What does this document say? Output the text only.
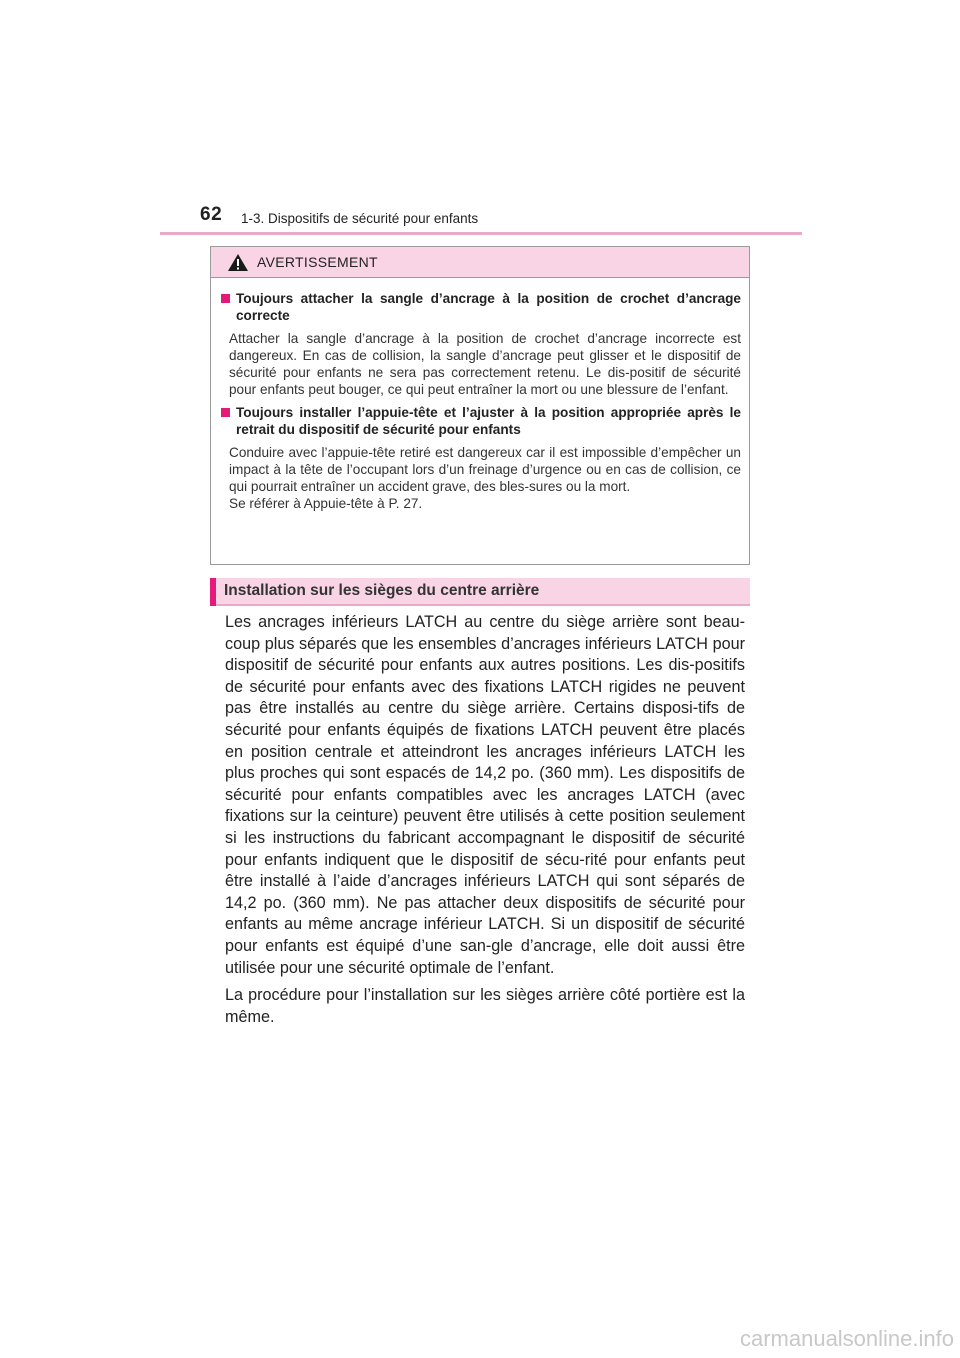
62 1-3. Dispositifs de sécurité pour enfants
AVERTISSEMENT
Toujours attacher la sangle d’ancrage à la position de crochet d’ancrage correcte
Attacher la sangle d’ancrage à la position de crochet d’ancrage incorrecte est dangereux. En cas de collision, la sangle d’ancrage peut glisser et le dispositif de sécurité pour enfants ne sera pas correctement retenu. Le dis-positif de sécurité pour enfants peut bouger, ce qui peut entraîner la mort ou une blessure de l’enfant.
Toujours installer l’appuie-tête et l’ajuster à la position appropriée après le retrait du dispositif de sécurité pour enfants
Conduire avec l’appuie-tête retiré est dangereux car il est impossible d’empêcher un impact à la tête de l’occupant lors d’un freinage d’urgence ou en cas de collision, ce qui pourrait entraîner un accident grave, des bles-sures ou la mort.
Se référer à Appuie-tête à P. 27.
Installation sur les sièges du centre arrière

Les ancrages inférieurs LATCH au centre du siège arrière sont beau-coup plus séparés que les ensembles d’ancrages inférieurs LATCH pour dispositif de sécurité pour enfants aux autres positions. Les dis-positifs de sécurité pour enfants avec des fixations LATCH rigides ne peuvent pas être installés au centre du siège arrière. Certains disposi-tifs de sécurité pour enfants équipés de fixations LATCH peuvent être placés en position centrale et atteindront les ancrages inférieurs LATCH les plus proches qui sont espacés de 14,2 po. (360 mm). Les dispositifs de sécurité pour enfants compatibles avec les ancrages LATCH (avec fixations sur la ceinture) peuvent être utilisés à cette position seulement si les instructions du fabricant accompagnant le dispositif de sécurité pour enfants indiquent que le dispositif de sécu-rité pour enfants peut être installé à l’aide d’ancrages inférieurs LATCH qui sont séparés de 14,2 po. (360 mm). Ne pas attacher deux dispositifs de sécurité pour enfants au même ancrage inférieur LATCH. Si un dispositif de sécurité pour enfants est équipé d’une san-gle d’ancrage, elle doit aussi être utilisée pour une sécurité optimale de l’enfant.

La procédure pour l’installation sur les sièges arrière côté portière est la même.

carmanualsonline.info
